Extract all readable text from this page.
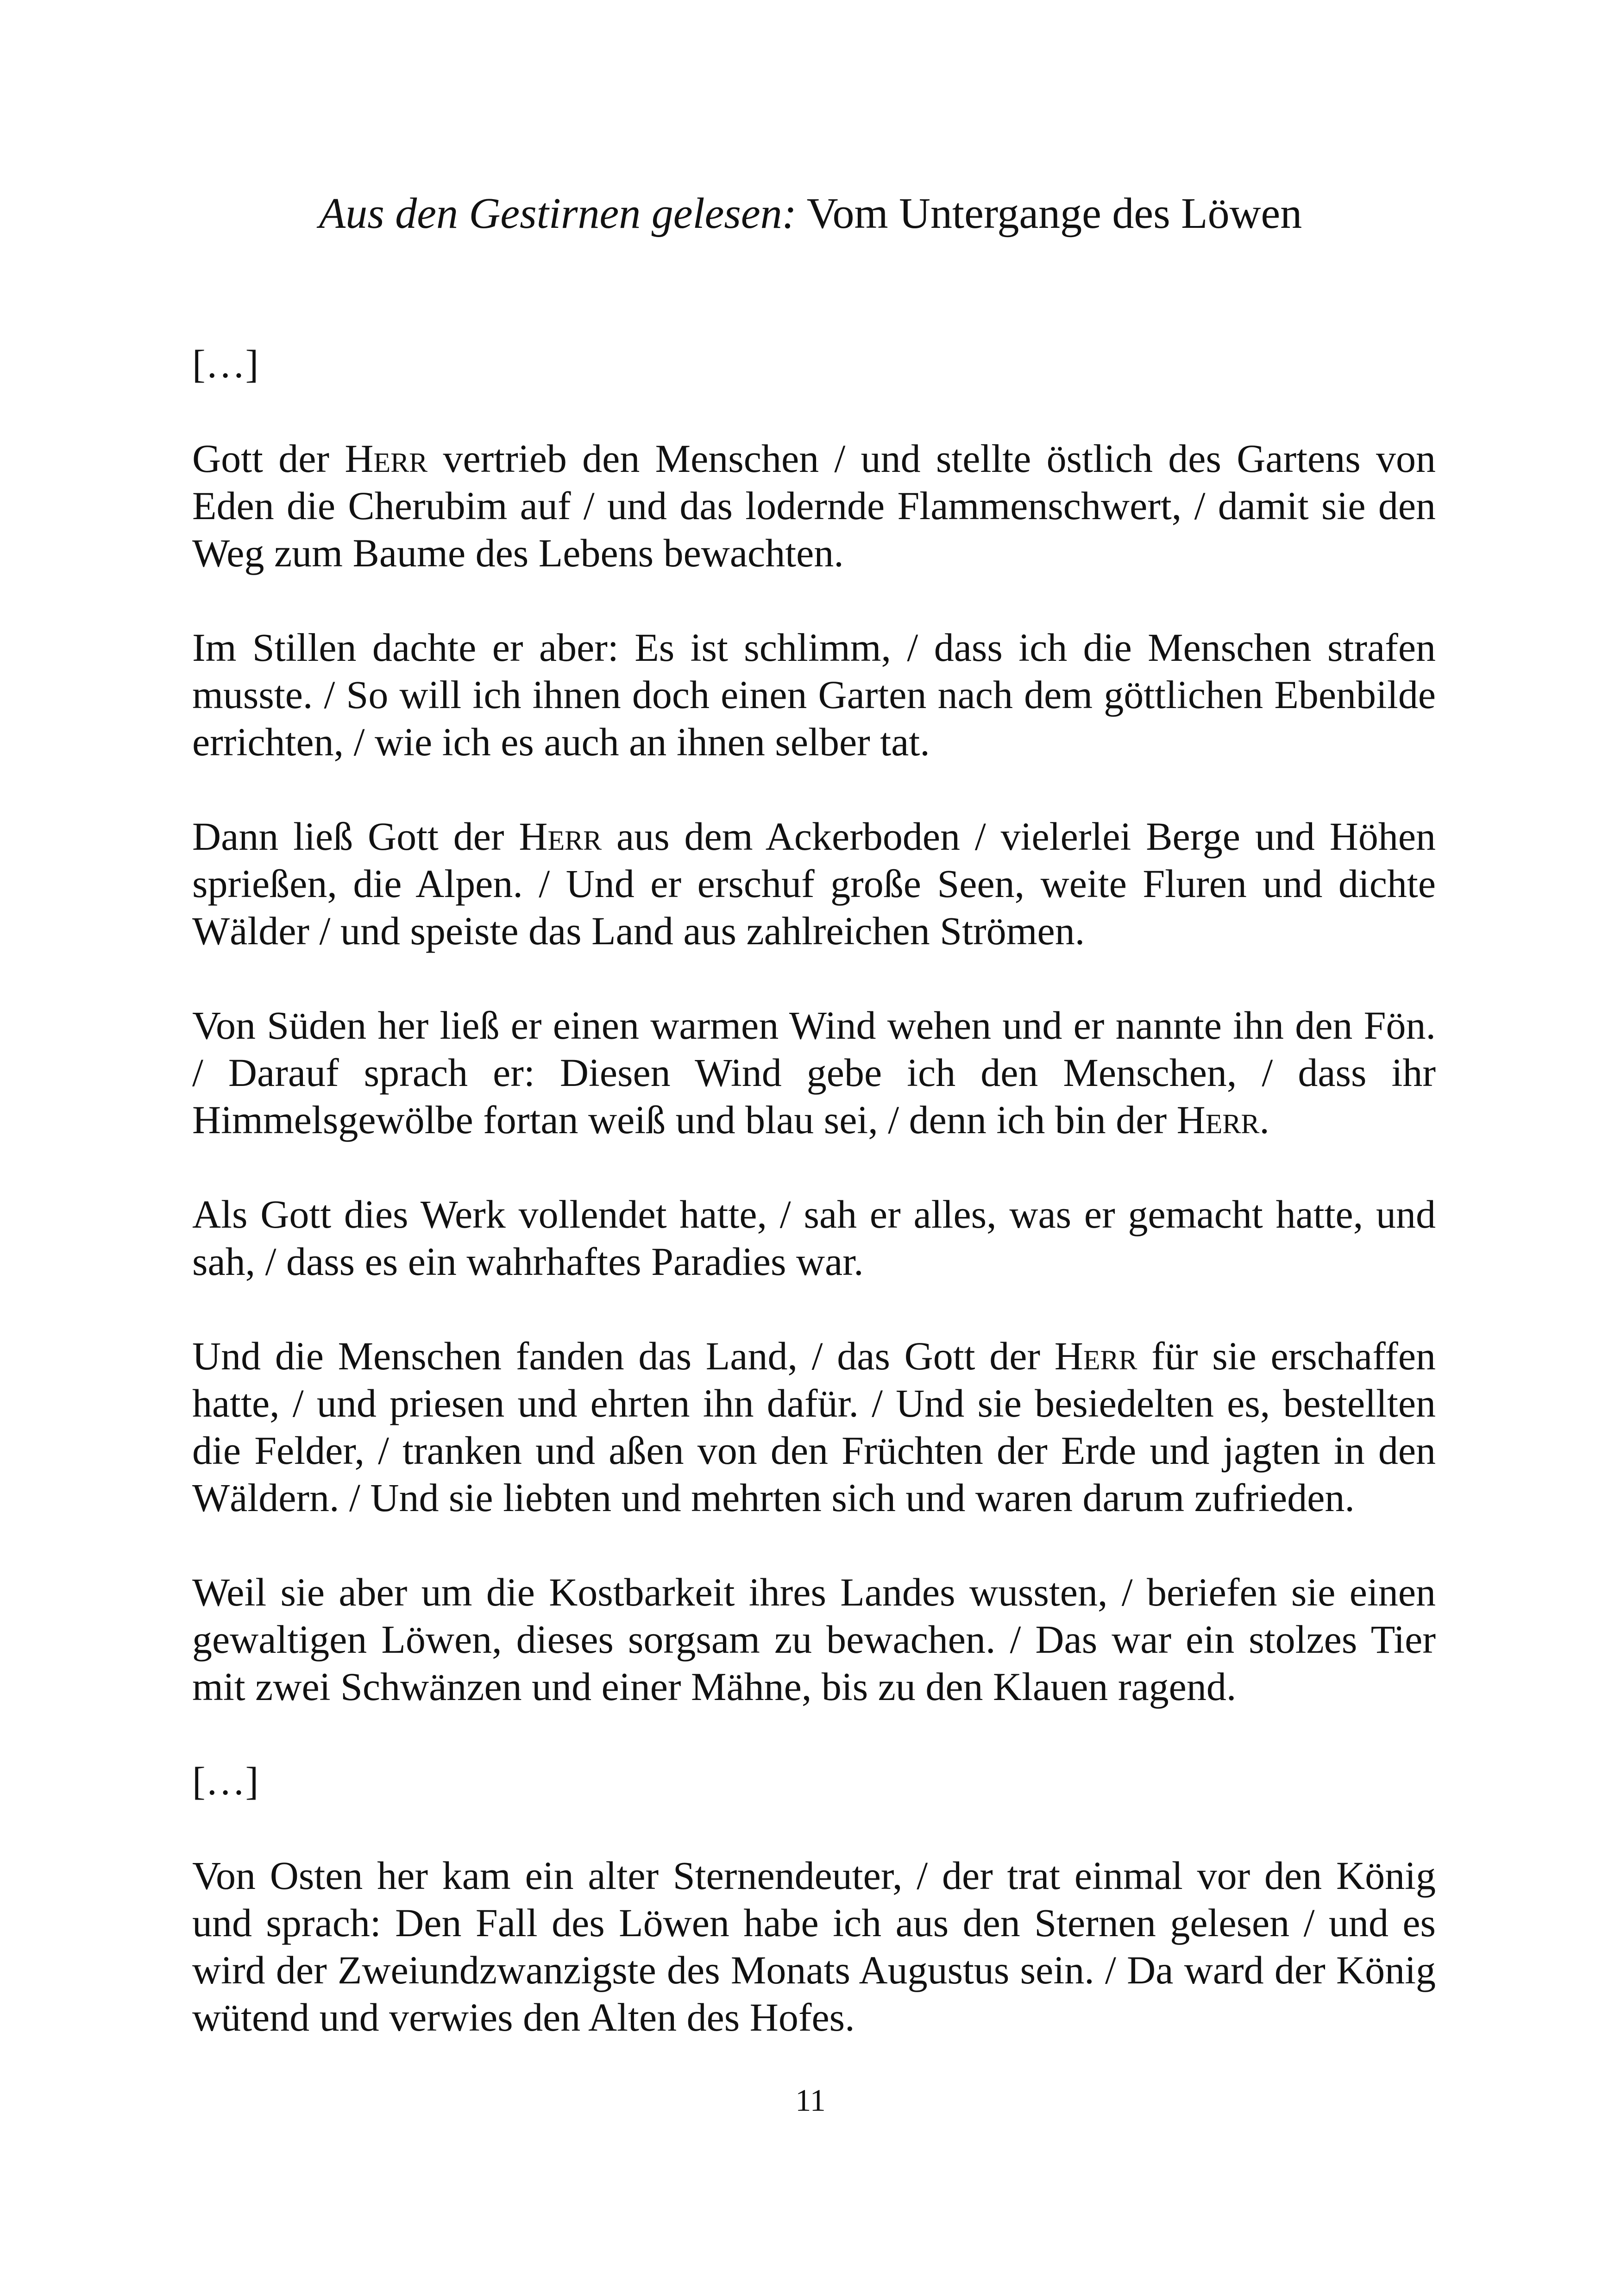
Aus den Gestirnen gelesen: Vom Untergange des Löwen

[…]

Gott der Herr vertrieb den Menschen / und stellte östlich des Gartens von Eden die Cherubim auf / und das lodernde Flammenschwert, / damit sie den Weg zum Baume des Lebens bewachten.

Im Stillen dachte er aber: Es ist schlimm, / dass ich die Menschen strafen musste. / So will ich ihnen doch einen Garten nach dem göttlichen Ebenbilde errichten, / wie ich es auch an ihnen selber tat.

Dann ließ Gott der Herr aus dem Ackerboden / vielerlei Berge und Höhen sprießen, die Alpen. / Und er erschuf große Seen, weite Fluren und dichte Wälder / und speiste das Land aus zahlreichen Strömen.

Von Süden her ließ er einen warmen Wind wehen und er nannte ihn den Fön. / Darauf sprach er: Diesen Wind gebe ich den Menschen, / dass ihr Himmelsgewölbe fortan weiß und blau sei, / denn ich bin der Herr.

Als Gott dies Werk vollendet hatte, / sah er alles, was er gemacht hatte, und sah, / dass es ein wahrhaftes Paradies war.

Und die Menschen fanden das Land, / das Gott der Herr für sie erschaffen hatte, / und priesen und ehrten ihn dafür. / Und sie besiedelten es, bestellten die Felder, / tranken und aßen von den Früchten der Erde und jagten in den Wäldern. / Und sie liebten und mehrten sich und waren darum zufrieden.

Weil sie aber um die Kostbarkeit ihres Landes wussten, / beriefen sie einen gewaltigen Löwen, dieses sorgsam zu bewachen. / Das war ein stolzes Tier mit zwei Schwänzen und einer Mähne, bis zu den Klauen ragend.

[…]

Von Osten her kam ein alter Sternendeuter, / der trat einmal vor den König und sprach: Den Fall des Löwen habe ich aus den Sternen gelesen / und es wird der Zweiundzwanzigste des Monats Augustus sein. / Da ward der König wütend und verwies den Alten des Hofes.

11
